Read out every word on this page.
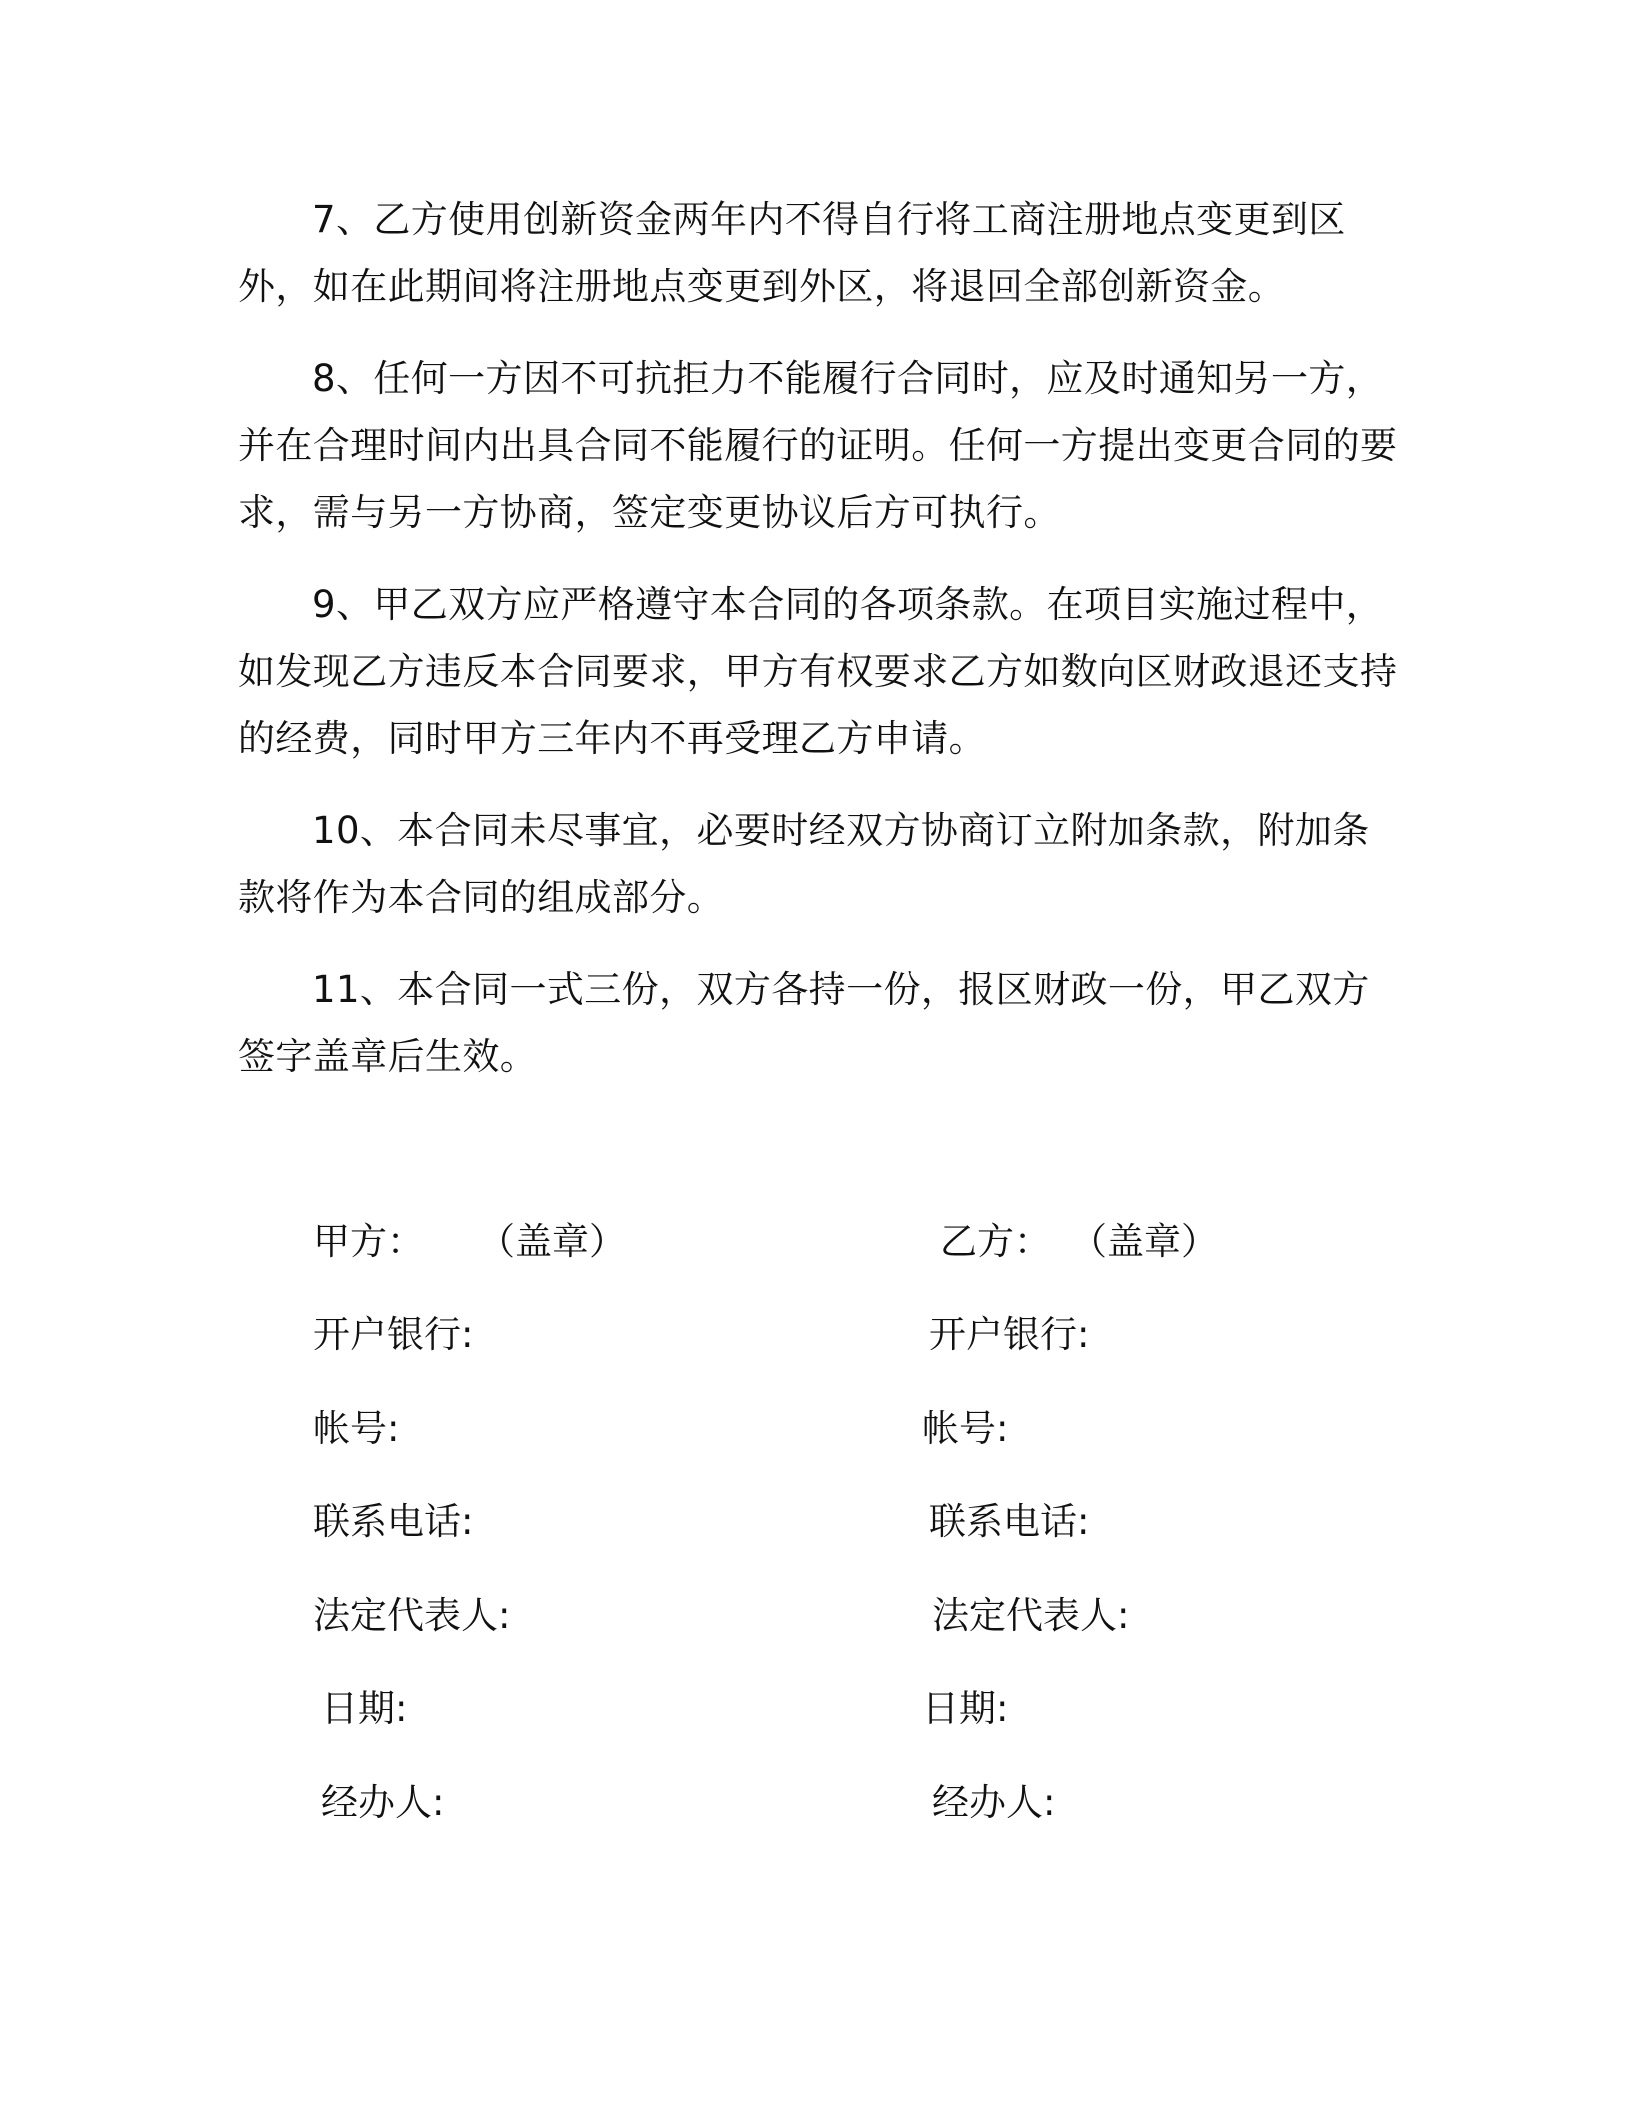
7、乙方使用创新资金两年内不得自行将工商注册地点变更到区外，如在此期间将注册地点变更到外区，将退回全部创新资金。

8、任何一方因不可抗拒力不能履行合同时，应及时通知另一方，并在合理时间内出具合同不能履行的证明。任何一方提出变更合同的要求，需与另一方协商，签定变更协议后方可执行。

9、甲乙双方应严格遵守本合同的各项条款。在项目实施过程中，如发现乙方违反本合同要求，甲方有权要求乙方如数向区财政退还支持的经费，同时甲方三年内不再受理乙方申请。

10、本合同未尽事宜，必要时经双方协商订立附加条款，附加条款将作为本合同的组成部分。

11、本合同一式三份，双方各持一份，报区财政一份，甲乙双方签字盖章后生效。

甲方： （盖章）
开户银行:
帐号:
联系电话:
法定代表人:
日期:
经办人:
乙方： （盖章）
开户银行:
帐号:
联系电话:
法定代表人:
日期:
经办人:
